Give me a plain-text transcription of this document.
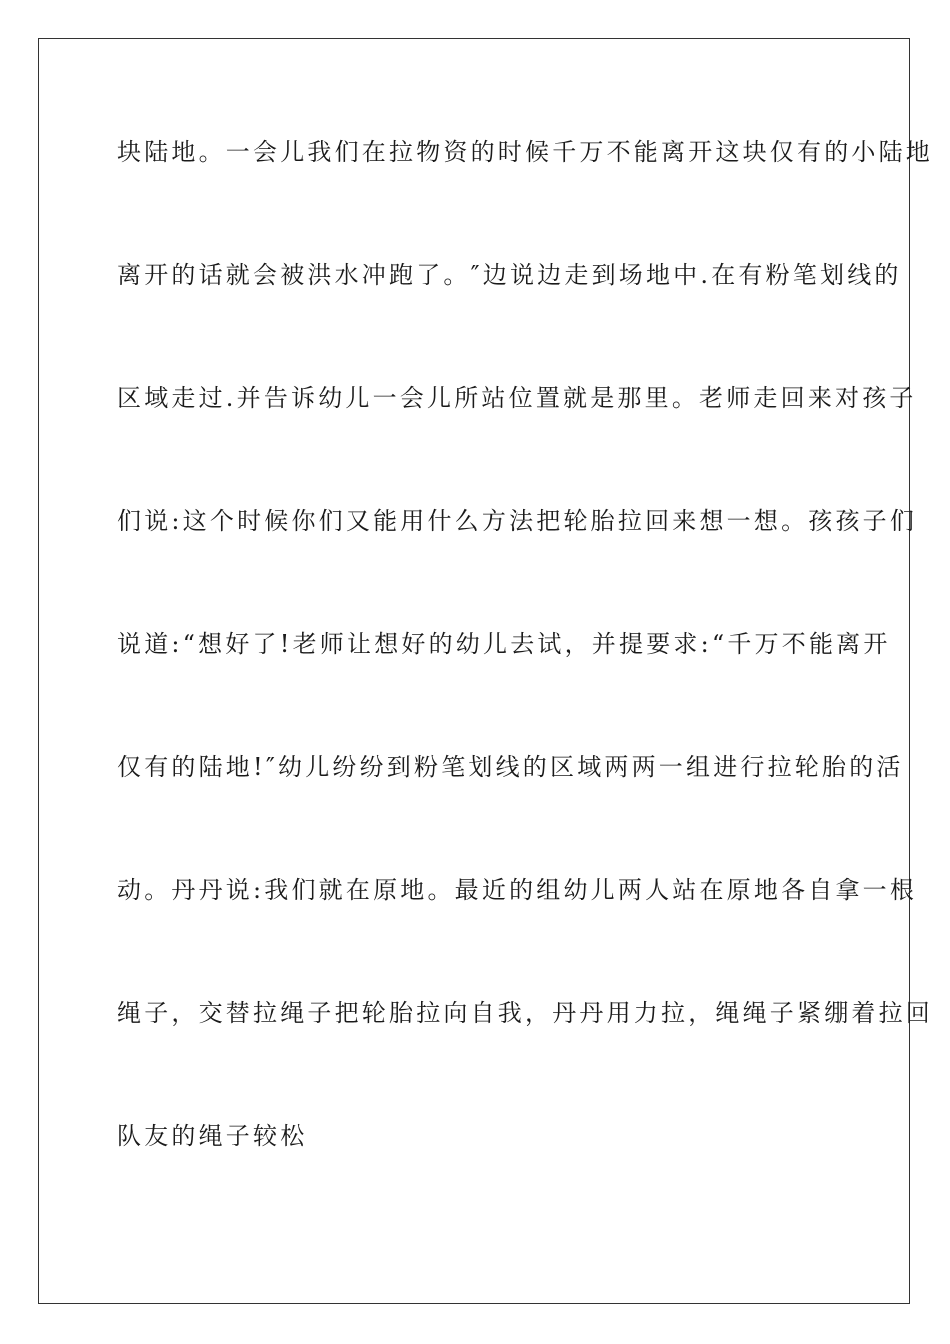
块陆地。一会儿我们在拉物资的时候千万不能离开这块仅有的小陆地
离开的话就会被洪水冲跑了。″边说边走到场地中.在有粉笔划线的
区域走过.并告诉幼儿一会儿所站位置就是那里。老师走回来对孩子
们说:这个时候你们又能用什么方法把轮胎拉回来想一想。孩孩子们
说道:“想好了!老师让想好的幼儿去试，并提要求:“千万不能离开
仅有的陆地!″幼儿纷纷到粉笔划线的区域两两一组进行拉轮胎的活
动。丹丹说:我们就在原地。最近的组幼儿两人站在原地各自拿一根
绳子，交替拉绳子把轮胎拉向自我，丹丹用力拉，绳绳子紧绷着拉回
队友的绳子较松
